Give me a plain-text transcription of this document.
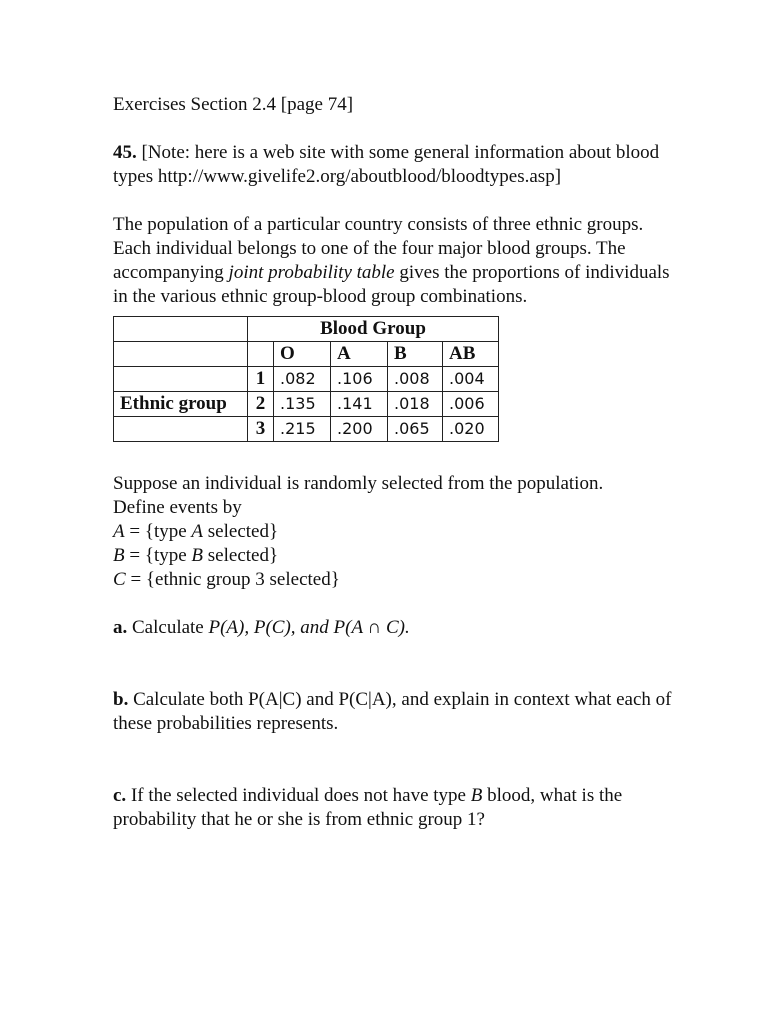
Exercises Section 2.4 [page 74]

45. [Note: here is a web site with some general information about blood types http://www.givelife2.org/aboutblood/bloodtypes.asp]

The population of a particular country consists of three ethnic groups. Each individual belongs to one of the four major blood groups. The accompanying joint probability table gives the proportions of individuals in the various ethnic group-blood group combinations.

	Blood Group				
		O	A	B	AB
	1	.082	.106	.008	.004
Ethnic group	2	.135	.141	.018	.006
	3	.215	.200	.065	.020

Suppose an individual is randomly selected from the population.

Define events by

A = {type A selected}

B = {type B selected}

C = {ethnic group 3 selected}

a. Calculate P(A), P(C), and P(A ∩ C).

b. Calculate both P(A|C) and P(C|A), and explain in context what each of these probabilities represents.

c. If the selected individual does not have type B blood, what is the probability that he or she is from ethnic group 1?
